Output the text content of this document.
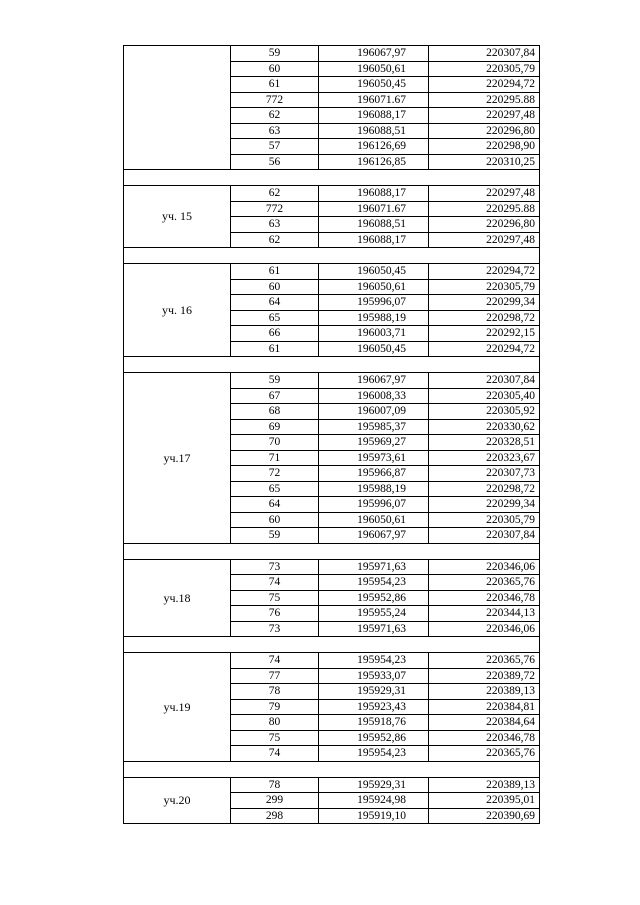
	59	196067,97	220307,84
	60	196050,61	220305,79
	61	196050,45	220294,72
	772	196071.67	220295.88
	62	196088,17	220297,48
	63	196088,51	220296,80
	57	196126,69	220298,90
	56	196126,85	220310,25

уч. 15	62	196088,17	220297,48
	772	196071.67	220295.88
	63	196088,51	220296,80
	62	196088,17	220297,48

уч. 16	61	196050,45	220294,72
	60	196050,61	220305,79
	64	195996,07	220299,34
	65	195988,19	220298,72
	66	196003,71	220292,15
	61	196050,45	220294,72

уч.17	59	196067,97	220307,84
	67	196008,33	220305,40
	68	196007,09	220305,92
	69	195985,37	220330,62
	70	195969,27	220328,51
	71	195973,61	220323,67
	72	195966,87	220307,73
	65	195988,19	220298,72
	64	195996,07	220299,34
	60	196050,61	220305,79
	59	196067,97	220307,84

уч.18	73	195971,63	220346,06
	74	195954,23	220365,76
	75	195952,86	220346,78
	76	195955,24	220344,13
	73	195971,63	220346,06

уч.19	74	195954,23	220365,76
	77	195933,07	220389,72
	78	195929,31	220389,13
	79	195923,43	220384,81
	80	195918,76	220384,64
	75	195952,86	220346,78
	74	195954,23	220365,76

уч.20	78	195929,31	220389,13
	299	195924,98	220395,01
	298	195919,10	220390,69
